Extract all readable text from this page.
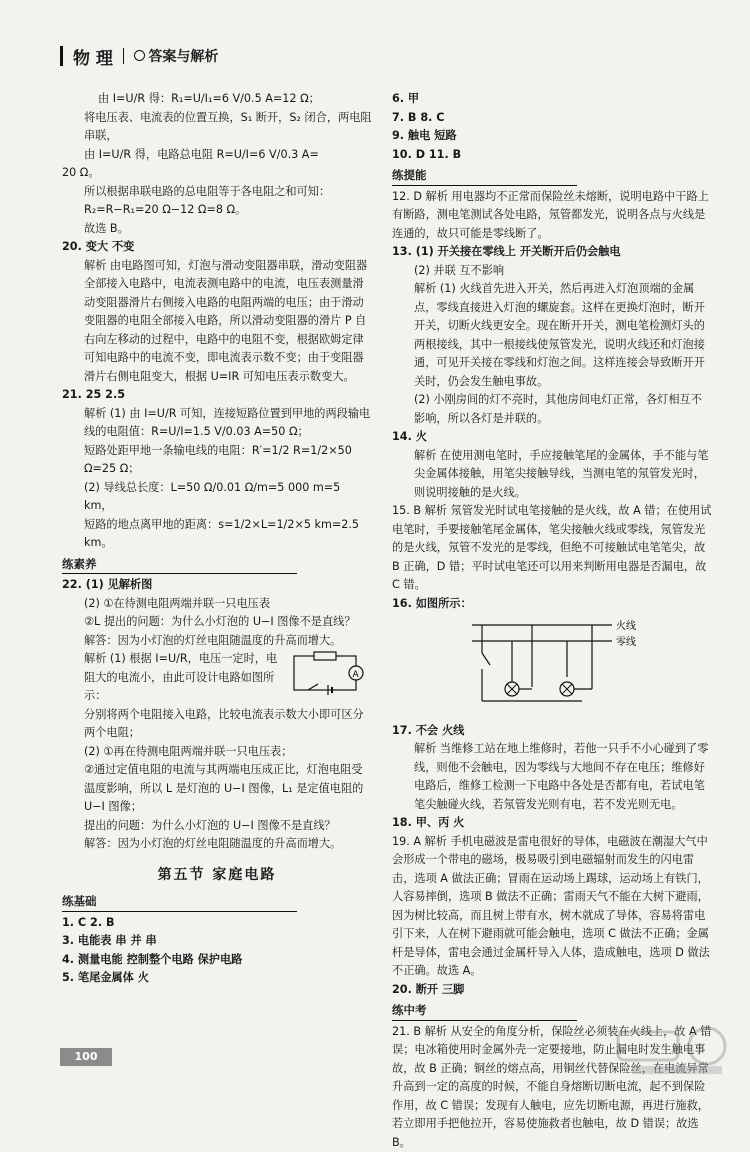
物 理	答案与解析
由 I=U/R 得：R₁=U/I₁=6 V/0.5 A=12 Ω；
将电压表、电流表的位置互换，S₁ 断开，S₂ 闭合，两电阻串联，
由 I=U/R 得，电路总电阻 R=U/I=6 V/0.3 A=
20 Ω。
所以根据串联电路的总电阻等于各电阻之和可知：R₂=R−R₁=20 Ω−12 Ω=8 Ω。
故选 B。
20. 变大 不变
解析 由电路图可知，灯泡与滑动变阻器串联，滑动变阻器全部接入电路中，电流表测电路中的电流，电压表测量滑动变阻器滑片右侧接入电路的电阻两端的电压；由于滑动变阻器的电阻全部接入电路，所以滑动变阻器的滑片 P 自右向左移动的过程中，电路中的电阻不变，根据欧姆定律可知电路中的电流不变，即电流表示数不变；由于变阻器滑片右侧电阻变大，根据 U=IR 可知电压表示数变大。
21. 25 2.5
解析 (1) 由 I=U/R 可知，连接短路位置到甲地的两段输电线的电阻值：R=U/I=1.5 V/0.03 A=50 Ω；
短路处距甲地一条输电线的电阻：R′=1/2 R=1/2×50 Ω=25 Ω；
(2) 导线总长度：L=50 Ω/0.01 Ω/m=5 000 m=5 km，
短路的地点离甲地的距离：s=1/2×L=1/2×5 km=2.5 km。
练素养
22. (1) 见解析图
(2) ①在待测电阻两端并联一只电压表
②L 提出的问题：为什么小灯泡的 U−I 图像不是直线？
解答：因为小灯泡的灯丝电阻随温度的升高而增大。
解析 (1) 根据 I=U/R，电压一定时，电阻大的电流小，由此可设计电路如图所示：
A
分别将两个电阻接入电路，比较电流表示数大小即可区分两个电阻；
(2) ①再在待测电阻两端并联一只电压表；
②通过定值电阻的电流与其两端电压成正比，灯泡电阻受温度影响，所以 L 是灯泡的 U−I 图像，L₁ 是定值电阻的 U−I 图像；
提出的问题：为什么小灯泡的 U−I 图像不是直线？
解答：因为小灯泡的灯丝电阻随温度的升高而增大。
第五节 家庭电路
练基础
1. C 2. B
3. 电能表 串 并 串
4. 测量电能 控制整个电路 保护电路
5. 笔尾金属体 火
6. 甲
7. B 8. C
9. 触电 短路
10. D 11. B
练提能
12. D 解析 用电器均不正常而保险丝未熔断，说明电路中干路上有断路，测电笔测试各处电路，氖管都发光，说明各点与火线是连通的，故只可能是零线断了。
13. (1) 开关接在零线上 开关断开后仍会触电
(2) 并联 互不影响
解析 (1) 火线首先进入开关，然后再进入灯泡顶端的金属点，零线直接进入灯泡的螺旋套。这样在更换灯泡时，断开开关，切断火线更安全。现在断开开关，测电笔检测灯头的两根接线，其中一根接线使氖管发光，说明火线还和灯泡接通，可见开关接在零线和灯泡之间。这样连接会导致断开开关时，仍会发生触电事故。
(2) 小刚房间的灯不亮时，其他房间电灯正常，各灯相互不影响，所以各灯是并联的。
14. 火
解析 在使用测电笔时，手应接触笔尾的金属体，手不能与笔尖金属体接触，用笔尖接触导线，当测电笔的氖管发光时，则说明接触的是火线。
15. B 解析 氖管发光时试电笔接触的是火线，故 A 错；在使用试电笔时，手要接触笔尾金属体，笔尖接触火线或零线，氖管发光的是火线，氖管不发光的是零线，但绝不可接触试电笔笔尖，故 B 正确，D 错；平时试电笔还可以用来判断用电器是否漏电，故 C 错。
16. 如图所示：
火线
零线
17. 不会 火线
解析 当维修工站在地上维修时，若他一只手不小心碰到了零线，则他不会触电，因为零线与大地间不存在电压；维修好电路后，维修工检测一下电路中各处是否都有电，若试电笔笔尖触碰火线，若氖管发光则有电，若不发光则无电。
18. 甲、丙 火
19. A 解析 手机电磁波是雷电很好的导体，电磁波在潮湿大气中会形成一个带电的磁场，极易吸引到电磁辐射而发生的闪电雷击，选项 A 做法正确；冒雨在运动场上踢球，运动场上有铁门，人容易摔倒，选项 B 做法不正确；雷雨天气不能在大树下避雨，因为树比较高，而且树上带有水，树木就成了导体，容易将雷电引下来，人在树下避雨就可能会触电，选项 C 做法不正确；金属杆是导体，雷电会通过金属杆导入人体，造成触电，选项 D 做法不正确。故选 A。
20. 断开 三脚
练中考
21. B 解析 从安全的角度分析，保险丝必须装在火线上，故 A 错误；电冰箱使用时金属外壳一定要接地，防止漏电时发生触电事故，故 B 正确；铜丝的熔点高，用铜丝代替保险丝，在电流异常升高到一定的高度的时候，不能自身熔断切断电流，起不到保险作用，故 C 错误；发现有人触电，应先切断电源，再进行施救，若立即用手把他拉开，容易使施救者也触电，故 D 错误；故选 B。
100
